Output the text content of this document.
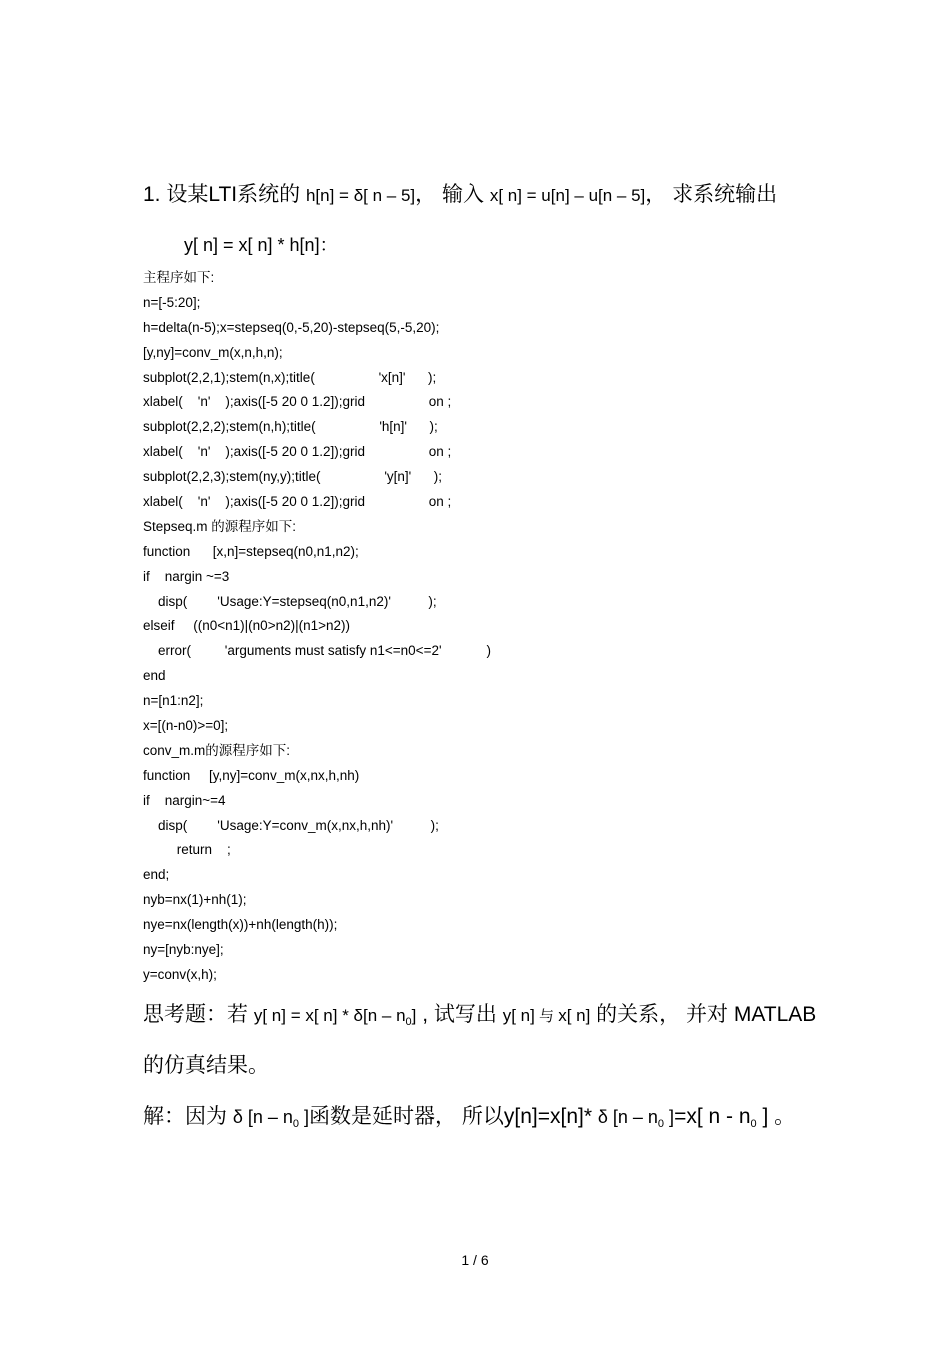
1. 设某LTI系统的 h[n] = δ[ n – 5]， 输入 x[ n] = u[n] – u[n – 5]， 求系统输出
y[ n] = x[ n] * h[n]：
主程序如下:
n=[-5:20];
h=delta(n-5);x=stepseq(0,-5,20)-stepseq(5,-5,20);
[y,ny]=conv_m(x,n,h,n);
subplot(2,2,1);stem(n,x);title(                 'x[n]'      );
xlabel(    'n'    );axis([-5 20 0 1.2]);grid                 on ;
subplot(2,2,2);stem(n,h);title(                 'h[n]'      );
xlabel(    'n'    );axis([-5 20 0 1.2]);grid                 on ;
subplot(2,2,3);stem(ny,y);title(                 'y[n]'      );
xlabel(    'n'    );axis([-5 20 0 1.2]);grid                 on ;
Stepseq.m 的源程序如下:
function      [x,n]=stepseq(n0,n1,n2);
if    nargin ~=3
disp(        'Usage:Y=stepseq(n0,n1,n2)'          );
elseif     ((n0<n1)|(n0>n2)|(n1>n2))
error(         'arguments must satisfy n1<=n0<=2'            )
end
n=[n1:n2];
x=[(n-n0)>=0];
conv_m.m的源程序如下:
function     [y,ny]=conv_m(x,nx,h,nh)
if    nargin~=4
disp(        'Usage:Y=conv_m(x,nx,h,nh)'          );
return    ;
end;
nyb=nx(1)+nh(1);
nye=nx(length(x))+nh(length(h));
ny=[nyb:nye];
y=conv(x,h);
思考题：若 y[ n] = x[ $n] * \delta[n - n_0]$ , 试写出 y[ n] 与 x[ n] 的关系， 并对 MATLAB
的仿真结果。
解：因为 δ [$n - n_0$ ]函数是延时器， 所以y[n]=x[n]* δ [$n - n_0$ ]=x[ n - $n_0$ ] 。
1 / 6
